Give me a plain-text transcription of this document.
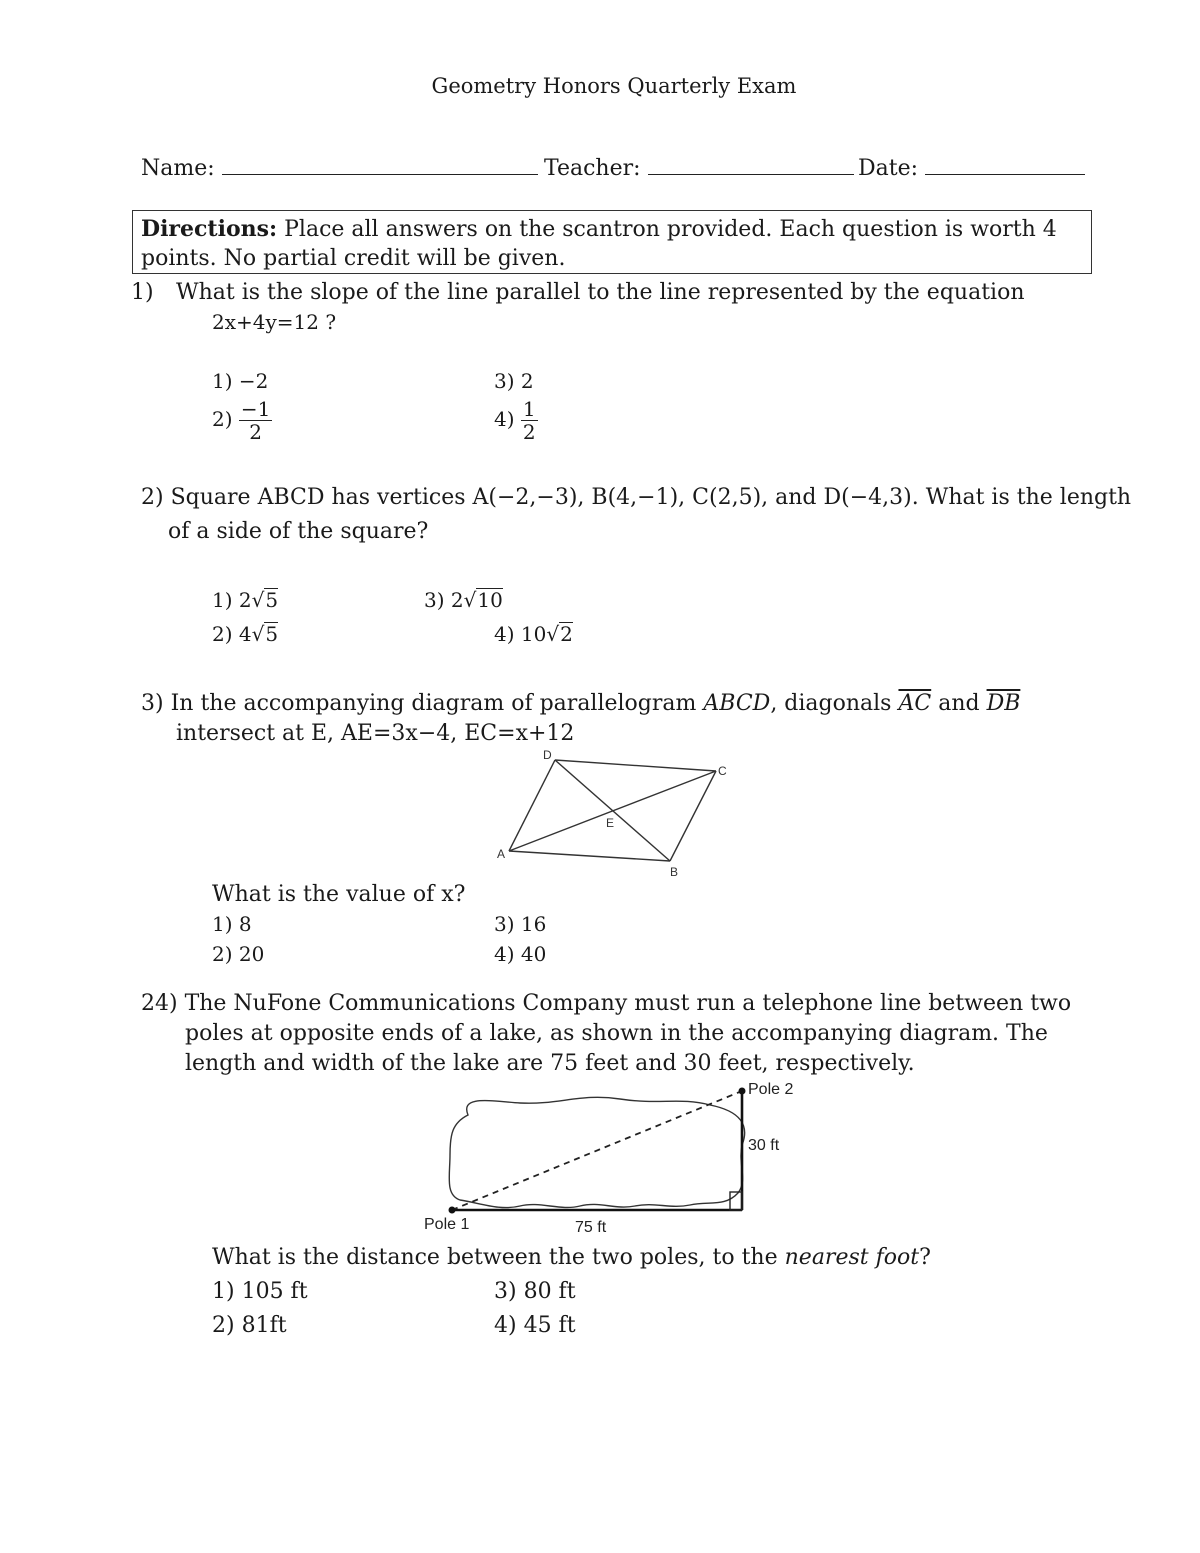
Geometry Honors Quarterly Exam
Name:	Teacher:	Date:
Directions: Place all answers on the scantron provided. Each question is worth 4
points. No partial credit will be given.
1) What is the slope of the line parallel to the line represented by the equation
2x+4y=12 ?
1) −2	3) 2
$2) \frac{-1}{2}$	$4) \frac{1}{2}$
2) Square ABCD has vertices A(−2,−3), B(4,−1), C(2,5), and D(−4,3). What is the length
of a side of the square?
1) 2√5	3) 2√10
2) 4√5	4) 10√2
3) In the accompanying diagram of parallelogram ABCD, diagonals $\overline{AC}$ and $\overline{DB}$
intersect at E, AE=3x−4, EC=x+12
D
C
E
A
B
What is the value of x?
1) 8	3) 16
2) 20	4) 40
24) The NuFone Communications Company must run a telephone line between two
poles at opposite ends of a lake, as shown in the accompanying diagram. The
length and width of the lake are 75 feet and 30 feet, respectively.
Pole 1
Pole 2
30 ft
75 ft
What is the distance between the two poles, to the nearest foot?
1) 105 ft	3) 80 ft
2) 81ft	4) 45 ft
